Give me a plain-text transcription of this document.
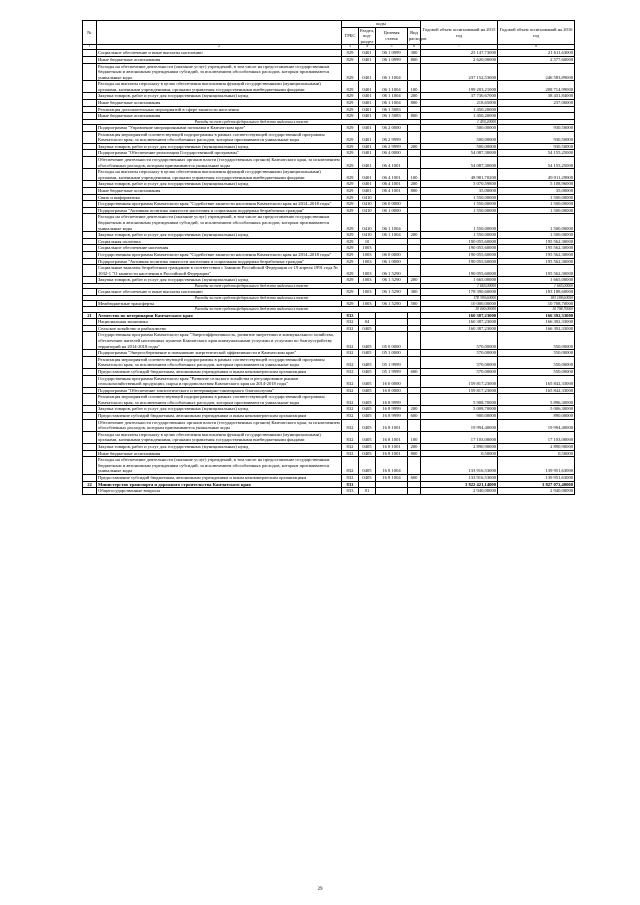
№		коды				Годовой объем ассигнований на 2015 год	Годовой объем ассигнований на 2016 год
		ГРБС	Раздел, под-раздел	Целевая статья	Вид расходов		
1	2	3	4	5	6	7	8
	Социальное обеспечение и иные выплаты населению	829	0401	06 1 0999	300	25 147,73000	21 611,63000
	Иные бюджетные ассигнования	829	0401	06 1 0999	800	2 620,00000	2 577,60000
	Расходы на обеспечение деятельности (оказание услуг) учреждений, в том числе на предоставление государственным бюджетным и автономным учреждениям субсидий, за исключением обособленных расходов, которым присваиваются уникальные коды	829	0401	06 1 1004		237 152,53000	246 583,89000
	Расходы на выплаты персоналу в целях обеспечения выполнения функций государственными (муниципальными) органами, казенными учреждениями, органами управления государственными внебюджетными фондами	829	0401	06 1 1004	100	199 203,21000	208 714,99000
	Закупка товаров, работ и услуг для государственных (муниципальных) нужд	829	0401	06 1 1004	200	37 730,67000	38 431,84000
	Иные бюджетные ассигнования	829	0401	06 1 1004	800	218,65000	237,06000
	Реализация дополнительных мероприятий в сфере занятости населения	829	0401	06 1 5083		1 450,20000	
	Иные бюджетные ассигнования	829	0401	06 1 5083	800	1 450,20000	
Расходы за счет средств федерального бюджета выделены в тексте						1 450,20000	
	Подпрограмма "Управление миграционными потоками в Камчатском крае"	829	0401	06 2 0000		500,00000	930,50000
	Реализация мероприятий соответствующей подпрограммы в рамках соответствующей государственной программы Камчатского края, за исключением обособленных расходов, которым присваиваются уникальные коды	829	0401	06 2 9999		500,00000	930,50000
	Закупка товаров, работ и услуг для государственных (муниципальных) нужд	829	0401	06 2 9999	200	500,00000	930,50000
	Подпрограмма "Обеспечение реализации Государственной программы"	829	0401	06 4 0000		54 087,30000	54 155,25000
	Обеспечение деятельности государственных органов власти (государственных органов) Камчатского края, за исключением обособленных расходов, которым присваиваются уникальные коды	829	0401	06 4 1001		54 087,30000	54 155,25000
	Расходы на выплаты персоналу в целях обеспечения выполнения функций государственными (муниципальными) органами, казенными учреждениями, органами управления государственными внебюджетными фондами	829	0401	06 4 1001	100	48 981,70200	49 011,29000
	Закупка товаров, работ и услуг для государственных (муниципальных) нужд	829	0401	06 4 1001	200	5 070,59800	5 108,96000
	Иные бюджетные ассигнования	829	0401	06 4 1001	800	35,00000	35,00000
	Связь и информатика	829	0410			1 550,00000	1 500,00000
	Государственная программа Камчатского края "Содействие занятости населения Камчатского края на 2014–2018 годы"	829	0410	06 0 0000		1 550,00000	1 500,00000
	Подпрограмма "Активная политика занятости населения и социальная поддержка безработных граждан"	829	0410	06 1 0000		1 550,00000	1 500,00000
	Расходы на обеспечение деятельности (оказание услуг) учреждений, в том числе на предоставление государственным бюджетным и автономным учреждениям субсидий, за исключением обособленных расходов, которым присваиваются уникальные коды	829	0410	06 1 1004		1 550,00000	1 500,00000
	Закупка товаров, работ и услуг для государственных (муниципальных) нужд	829	0410	06 1 1004	200	1 550,00000	1 500,00000
	Социальная политика	829	10			190 055,60000	195 562,30000
	Социальное обеспечение населения	829	1003			190 055,60000	195 562,30000
	Государственная программа Камчатского края "Содействие занятости населения Камчатского края на 2014–2018 годы"	829	1003	06 0 0000		190 055,60000	195 562,30000
	Подпрограмма "Активная политика занятости населения и социальная поддержка безработных граждан"	829	1003	06 1 0000		190 055,60000	195 562,30000
	Социальные выплаты безработным гражданам в соответствии с Законом Российской Федерации от 19 апреля 1991 года № 1032-1 "О занятости населения в Российской Федерации"	829	1003	06 1 5290		190 055,60000	195 562,30000
	Закупка товаров, работ и услуг для государственных (муниципальных) нужд	829	1003	06 1 5290	200	1 665,00000	1 665,00000
Расходы за счет средств федерального бюджета выделены в тексте						1 665,00000	1 665,00000
	Социальное обеспечение и иные выплаты населению	829	1003	06 1 5290	300	178 390,60000	183 188,60000
Расходы за счет средств федерального бюджета выделены в тексте						178 390,60000	183 188,60000
	Межбюджетные трансферты	829	1003	06 1 5290	500	10 000,00000	10 708,70000
Расходы за счет средств федерального бюджета выделены в тексте						10 000,00000	10 708,70000
21	Агентство по ветеринарии Камчатского края	832				160 387,23000	166 392,33000
	Национальная экономика	832	04			160 387,23000	166 392,33000
	Сельское хозяйство и рыболовство	832	0405			160 387,23000	166 392,33000
	Государственная программа Камчатского края "Энергоэффективность, развитие энергетики и коммунального хозяйства, обеспечение жителей населенных пунктов Камчатского края коммунальными услугами и услугами по благоустройству территорий на 2014-2018 годы"	832	0405	05 0 0000		570,00000	550,00000
	Подпрограмма "Энергосбережение и повышение энергетической эффективности в Камчатском крае"	832	0405	05 1 0000		570,00000	550,00000
	Реализация мероприятий соответствующей подпрограммы в рамках соответствующей государственной программы Камчатского края, за исключением обособленных расходов, которым присваиваются уникальные коды	832	0405	05 1 9999		570,00000	550,00000
	Предоставление субсидий бюджетным, автономным учреждениям и иным некоммерческим организациям	832	0405	05 1 9999	600	570,00000	550,00000
	Государственная программа Камчатского края "Развитие сельского хозяйства и регулирование рынков сельскохозяйственной продукции, сырья и продовольствия Камчатского края на 2014-2018 годы"	832	0405	16 0 0000		159 817,23000	165 842,33000
	Подпрограмма "Обеспечение эпизоотического и ветеринарно-санитарного благополучия"	832	0405	16 8 0000		159 817,23000	165 842,33000
	Реализация мероприятий соответствующей подпрограммы в рамках соответствующей государственной программы Камчатского края, за исключением обособленных расходов, которым присваиваются уникальные коды	832	0405	16 8 9999		5 908,70000	5 896,30000
	Закупка товаров, работ и услуг для государственных (муниципальных) нужд	832	0405	16 8 9999	200	5 008,70000	5 006,30000
	Предоставление субсидий бюджетным, автономным учреждениям и иным некоммерческим организациям	832	0405	16 8 9999	600	900,00000	890,00000
	Обеспечение деятельности государственных органов власти (государственных органов) Камчатского края, за исключением обособленных расходов, которым присваиваются уникальные коды	832	0405	16 8 1001		19 994,40000	19 994,40000
	Расходы на выплаты персоналу в целях обеспечения выполнения функций государственными (муниципальными) органами, казенными учреждениями, органами управления государственными внебюджетными фондами	832	0405	16 8 1001	100	17 103,00000	17 103,00000
	Закупка товаров, работ и услуг для государственных (муниципальных) нужд	832	0405	16 8 1001	200	2 890,90000	2 890,90000
	Иные бюджетные ассигнования	832	0405	16 8 1001	800	0,50000	0,50000
	Расходы на обеспечение деятельности (оказание услуг) учреждений, в том числе на предоставление государственным бюджетным и автономным учреждениям субсидий, за исключением обособленных расходов, которым присваиваются уникальные коды	832	0405	16 8 1004		133 916,53000	139 951,63000
	Предоставление субсидий бюджетным, автономным учреждениям и иным некоммерческим организациям	832	0405	16 8 1004	600	133 916,53000	139 951,63000
22	Министерство транспорта и дорожного строительства Камчатского края	833				3 822 421,14000	3 827 072,40000
	Общегосударственные вопросы	833	01			2 940,00000	2 940,00000
29
